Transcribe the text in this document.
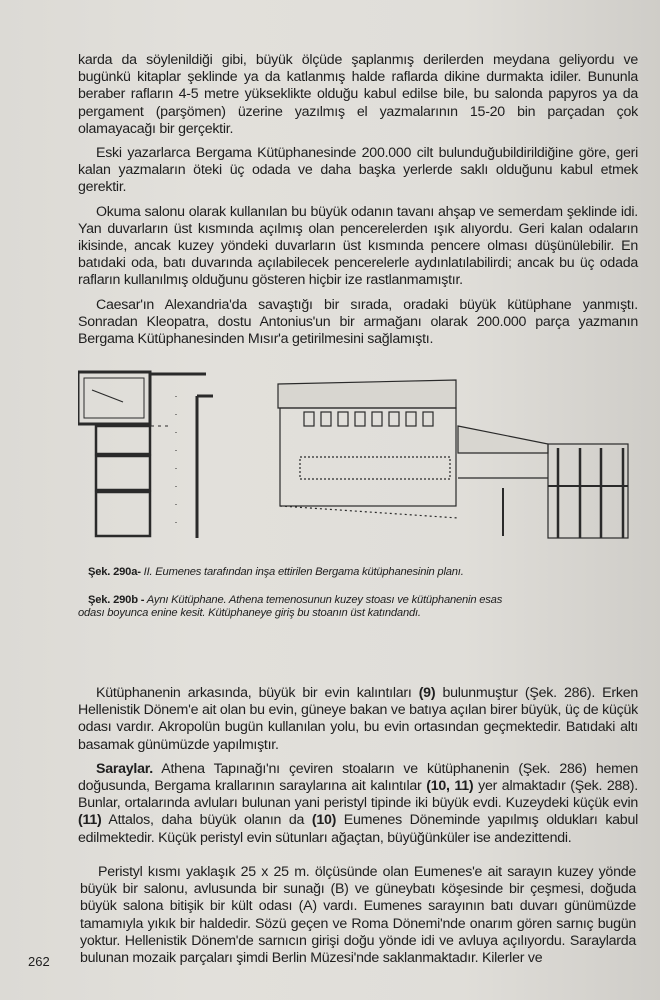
karda da söylenildiği gibi, büyük ölçüde şaplanmış derilerden meydana geliyordu ve bugünkü kitaplar şeklinde ya da katlanmış halde raflarda dikine durmakta idiler. Bununla beraber rafların 4-5 metre yükseklikte olduğu kabul edilse bile, bu salonda papyros ya da pergament (parşömen) üzerine yazılmış el yazmalarının 15-20 bin parçadan çok olamayacağı bir gerçektir.

Eski yazarlarca Bergama Kütüphanesinde 200.000 cilt bulunduğubildirildiğine göre, geri kalan yazmaların öteki üç odada ve daha başka yerlerde saklı olduğunu kabul etmek gerektir.

Okuma salonu olarak kullanılan bu büyük odanın tavanı ahşap ve semerdam şeklinde idi. Yan duvarların üst kısmında açılmış olan pencerelerden ışık alıyordu. Geri kalan odaların ikisinde, ancak kuzey yöndeki duvarların üst kısmında pencere olması düşünülebilir. En batıdaki oda, batı duvarında açılabilecek pencerelerle aydınlatılabilirdi; ancak bu üç odada rafların kullanılmış olduğunu gösteren hiçbir ize rastlanmamıştır.

Caesar'ın Alexandria'da savaştığı bir sırada, oradaki büyük kütüphane yanmıştı. Sonradan Kleopatra, dostu Antonius'un bir armağanı olarak 200.000 parça yazmanın Bergama Kütüphanesinden Mısır'a getirilmesini sağlamıştı.

Şek. 290a- II. Eumenes tarafından inşa ettirilen Bergama kütüphanesinin planı.

Şek. 290b - Aynı Kütüphane. Athena temenosunun kuzey stoası ve kütüphanenin esas odası boyunca enine kesit. Kütüphaneye giriş bu stoanın üst katındandı.

Kütüphanenin arkasında, büyük bir evin kalıntıları (9) bulunmuştur (Şek. 286). Erken Hellenistik Dönem'e ait olan bu evin, güneye bakan ve batıya açılan birer büyük, üç de küçük odası vardır. Akropolün bugün kullanılan yolu, bu evin ortasından geçmektedir. Batıdaki altı basamak günümüzde yapılmıştır.

Saraylar. Athena Tapınağı'nı çeviren stoaların ve kütüphanenin (Şek. 286) hemen doğusunda, Bergama krallarının saraylarına ait kalıntılar (10, 11) yer almaktadır (Şek. 288). Bunlar, ortalarında avluları bulunan yani peristyl tipinde iki büyük evdi. Kuzeydeki küçük evin (11) Attalos, daha büyük olanın da (10) Eumenes Döneminde yapılmış oldukları kabul edilmektedir. Küçük peristyl evin sütunları ağaçtan, büyüğünküler ise andezittendi.

Peristyl kısmı yaklaşık 25 x 25 m. ölçüsünde olan Eumenes'e ait sarayın kuzey yönde büyük bir salonu, avlusunda bir sunağı (B) ve güneybatı köşesinde bir çeşmesi, doğuda büyük salona bitişik bir kült odası (A) vardı. Eumenes sarayının batı duvarı günümüzde tamamıyla yıkık bir haldedir. Sözü geçen ve Roma Dönemi'nde onarım gören sarnıç bugün yoktur. Hellenistik Dönem'de sarnıcın girişi doğu yönde idi ve avluya açılıyordu. Saraylarda bulunan mozaik parçaları şimdi Berlin Müzesi'nde saklanmaktadır. Kilerler ve

262
